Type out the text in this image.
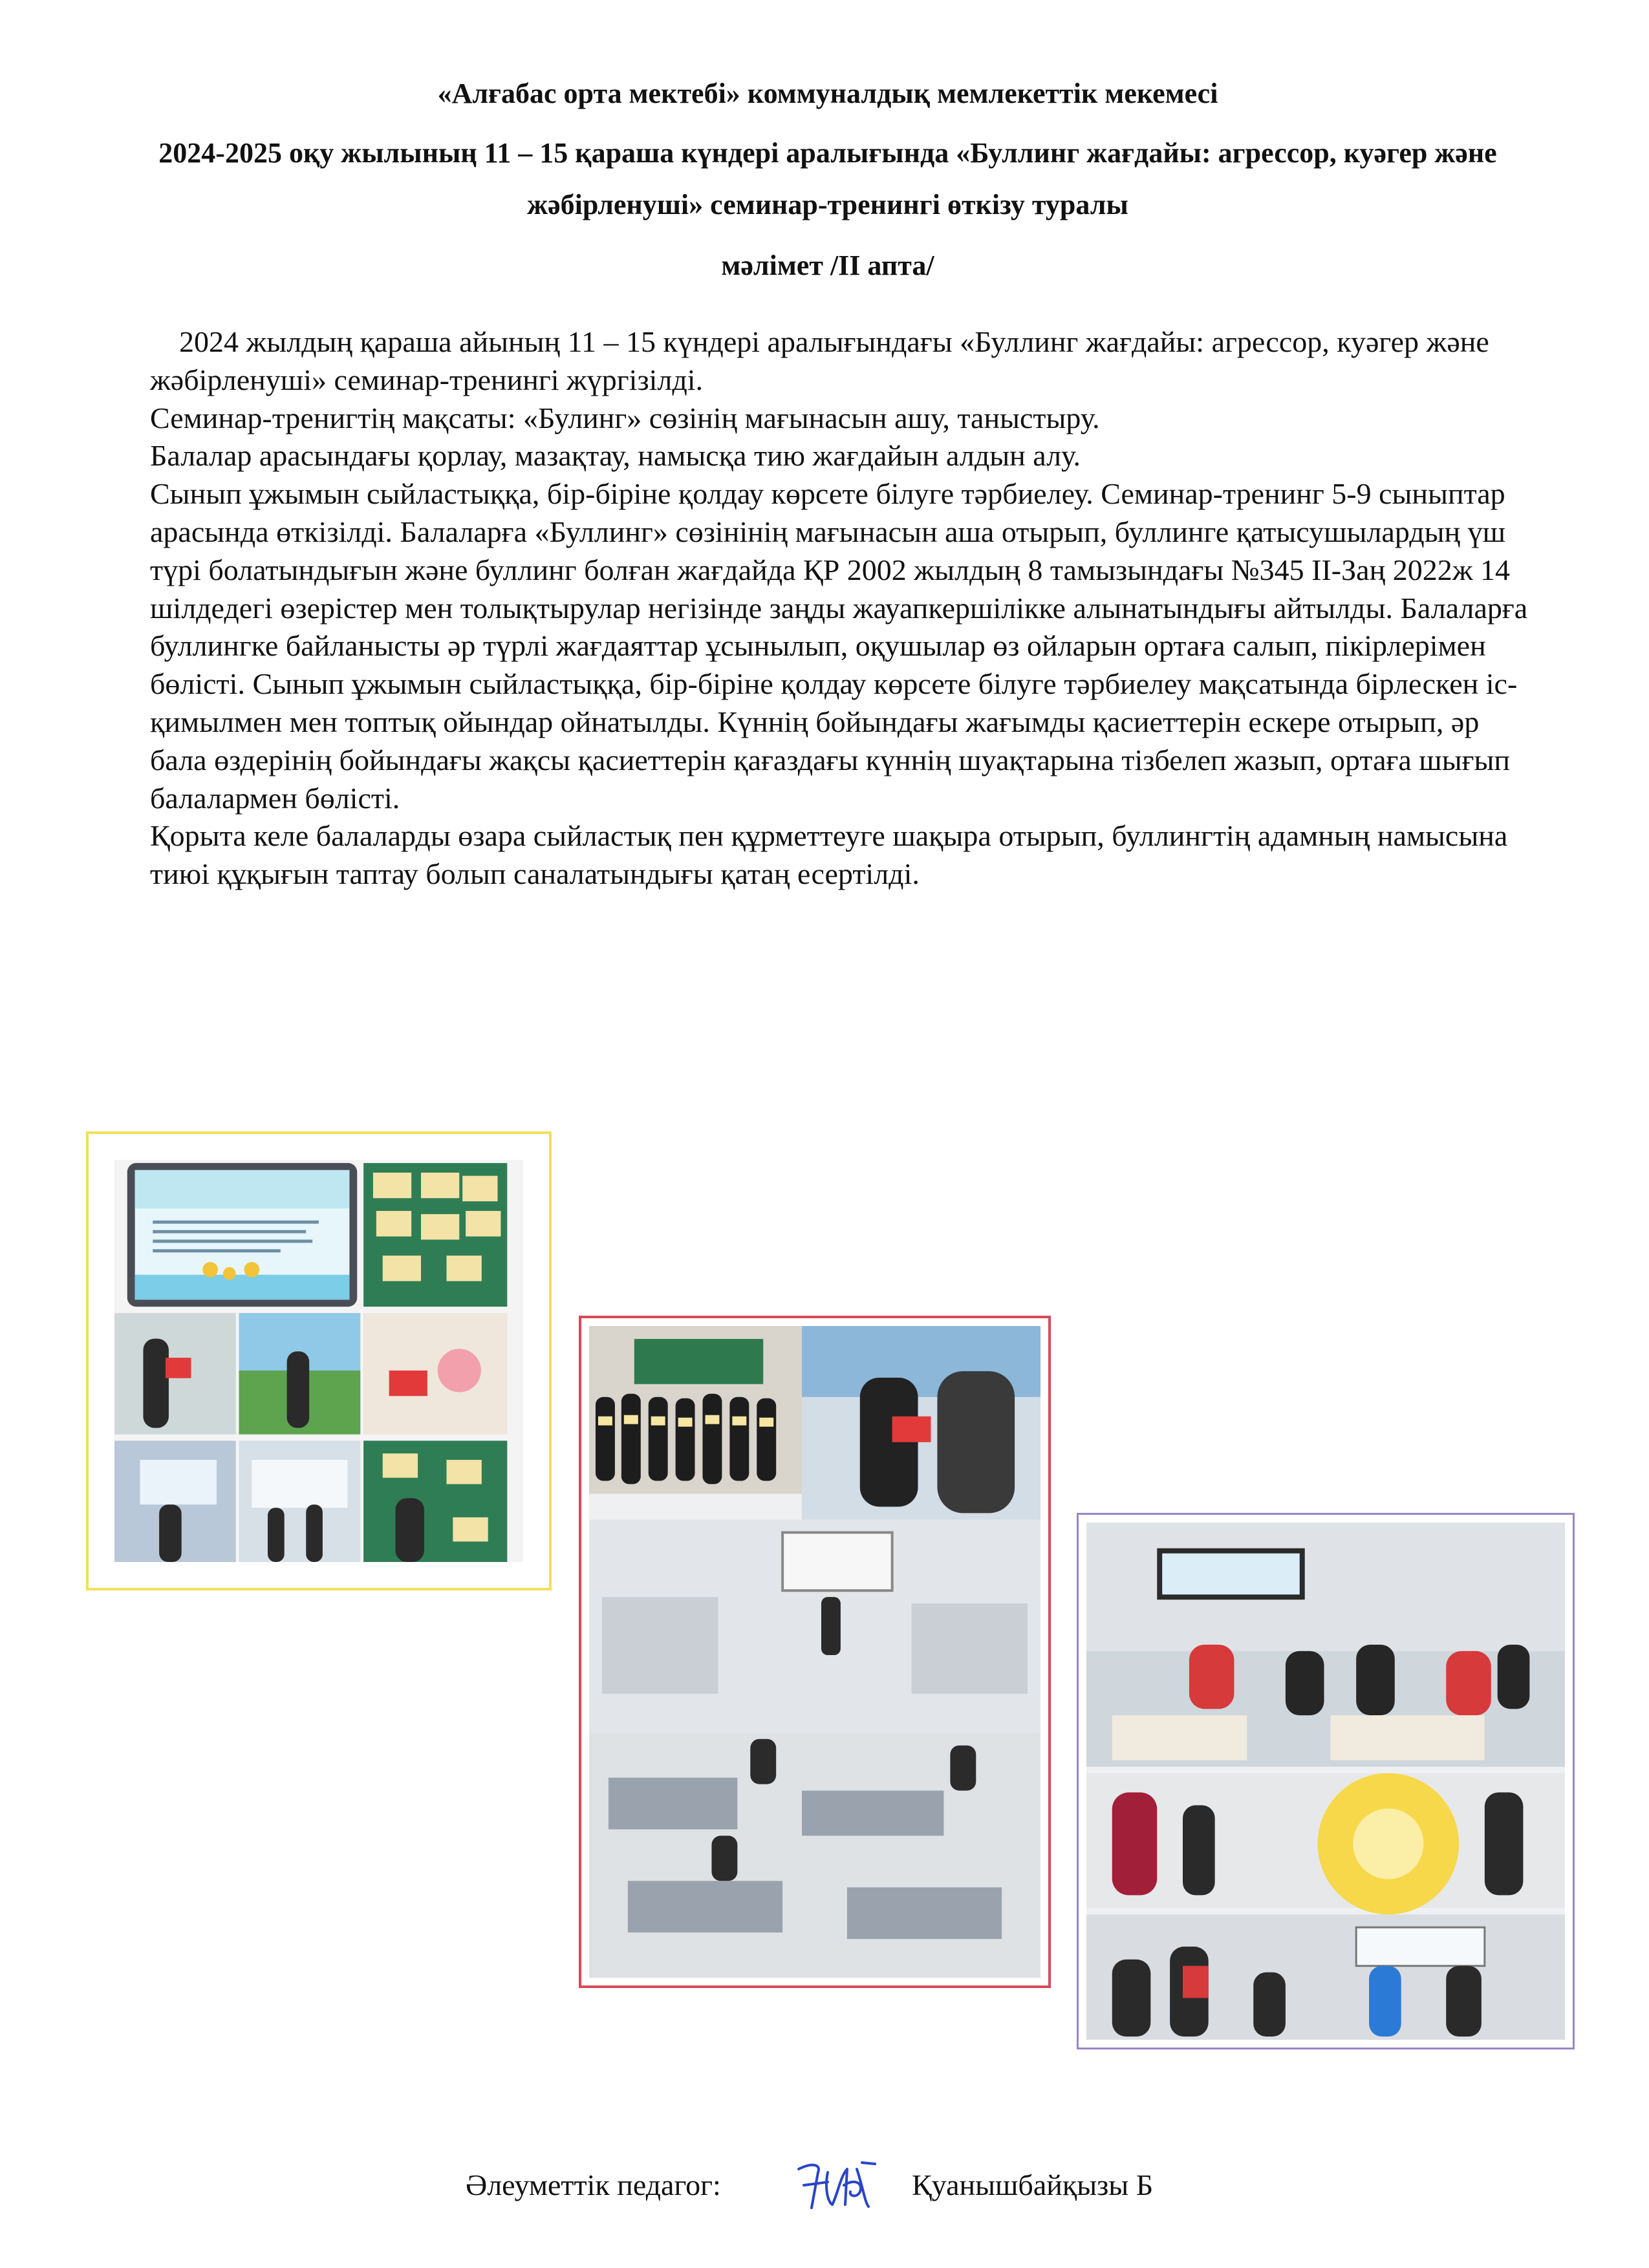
«Алғабас орта мектебі» коммуналдық мемлекеттік мекемесі
2024-2025 оқу жылының 11 – 15 қараша күндері аралығында «Буллинг жағдайы: агрессор, куәгер және жәбірленуші» семинар-тренингі өткізу туралы
мәлімет /II апта/

2024 жылдың қараша айының 11 – 15 күндері аралығындағы «Буллинг жағдайы: агрессор, куәгер және жәбірленуші» семинар-тренингі жүргізілді.

Семинар-тренигтің мақсаты: «Булинг» сөзінің мағынасын ашу, таныстыру.

Балалар арасындағы қорлау, мазақтау, намысқа тию жағдайын алдын алу.

Сынып ұжымын сыйластыққа, бір-біріне қолдау көрсете білуге тәрбиелеу. Семинар-тренинг 5-9 сыныптар арасында өткізілді. Балаларға «Буллинг» сөзінінің мағынасын аша отырып, буллинге қатысушылардың үш түрі болатындығын және буллинг болған жағдайда ҚР 2002 жылдың 8 тамызындағы №345 II-Заң 2022ж 14 шілдедегі өзерістер мен толықтырулар негізінде заңды жауапкершілікке алынатындығы айтылды. Балаларға буллингке байланысты әр түрлі жағдаяттар ұсынылып, оқушылар өз ойларын ортаға салып, пікірлерімен бөлісті. Сынып ұжымын сыйластыққа, бір-біріне қолдау көрсете білуге тәрбиелеу мақсатында бірлескен іс-қимылмен мен топтық ойындар ойнатылды. Күннің бойындағы жағымды қасиеттерін ескере отырып, әр бала өздерінің бойындағы жақсы қасиеттерін қағаздағы күннің шуақтарына тізбелеп жазып, ортаға шығып балалармен бөлісті.

Қорыта келе балаларды өзара сыйластық пен құрметтеуге шақыра отырып, буллингтің адамның намысына тиюі құқығын таптау болып саналатындығы қатаң есертілді.

Әлеуметтік педагог:	Қуанышбайқызы Б
